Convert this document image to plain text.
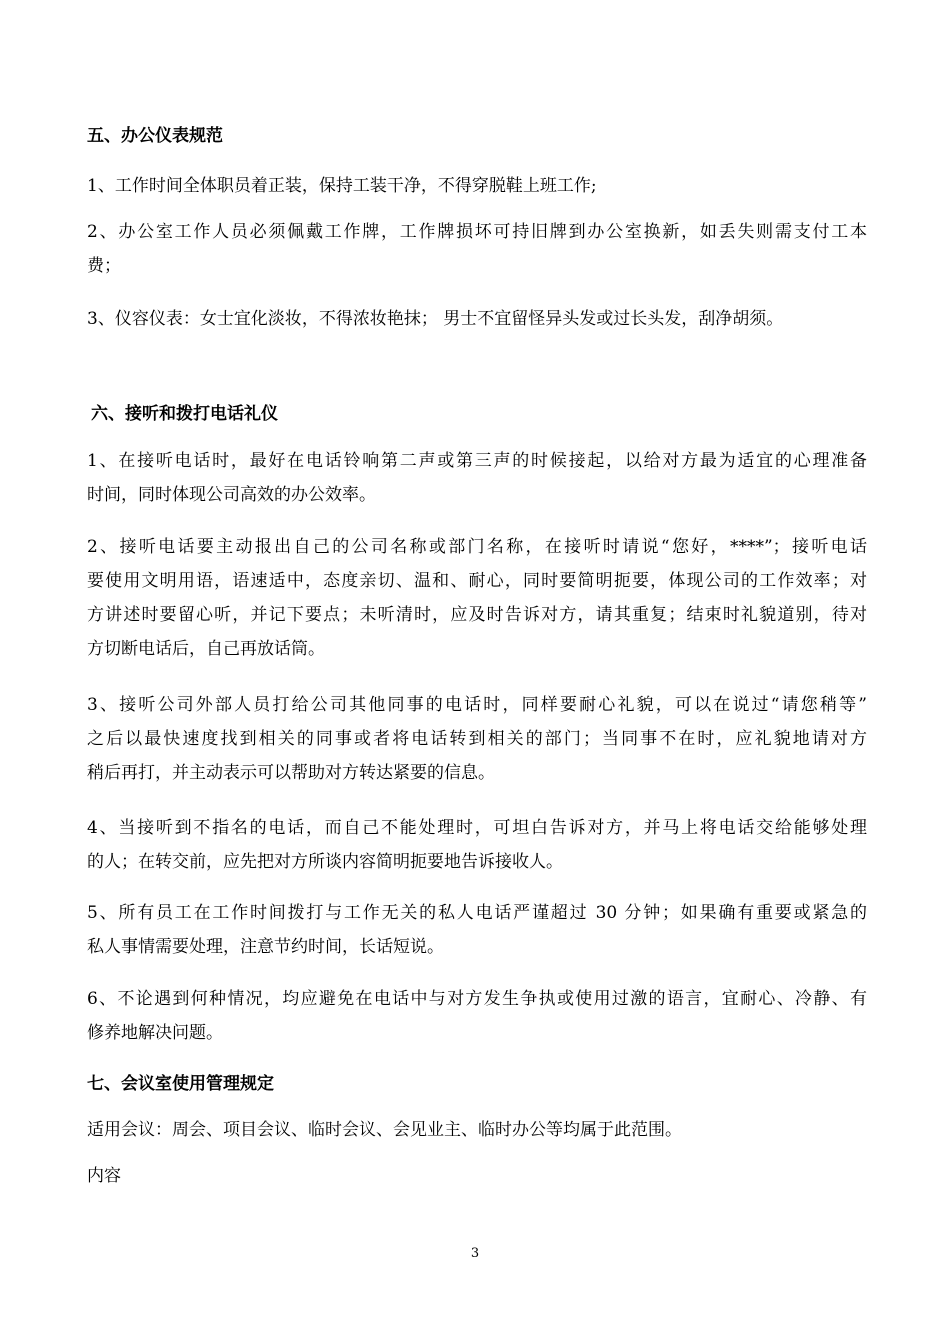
五、办公仪表规范
1、工作时间全体职员着正装，保持工装干净，不得穿脱鞋上班工作;
2、办公室工作人员必须佩戴工作牌，工作牌损坏可持旧牌到办公室换新，如丢失则需支付工本
费；
3、仪容仪表：女士宜化淡妆，不得浓妆艳抹； 男士不宜留怪异头发或过长头发，刮净胡须。
六、接听和拨打电话礼仪
1、在接听电话时，最好在电话铃响第二声或第三声的时候接起，以给对方最为适宜的心理准备
时间，同时体现公司高效的办公效率。
2、接听电话要主动报出自己的公司名称或部门名称，在接听时请说“您好，****”；接听电话
要使用文明用语，语速适中，态度亲切、温和、耐心，同时要简明扼要，体现公司的工作效率；对
方讲述时要留心听，并记下要点；未听清时，应及时告诉对方，请其重复；结束时礼貌道别，待对
方切断电话后，自己再放话筒。
3、接听公司外部人员打给公司其他同事的电话时，同样要耐心礼貌，可以在说过“请您稍等”
之后以最快速度找到相关的同事或者将电话转到相关的部门；当同事不在时，应礼貌地请对方
稍后再打，并主动表示可以帮助对方转达紧要的信息。
4、当接听到不指名的电话，而自己不能处理时，可坦白告诉对方，并马上将电话交给能够处理
的人；在转交前，应先把对方所谈内容简明扼要地告诉接收人。
5、所有员工在工作时间拨打与工作无关的私人电话严谨超过 30 分钟；如果确有重要或紧急的
私人事情需要处理，注意节约时间，长话短说。
6、不论遇到何种情况，均应避免在电话中与对方发生争执或使用过激的语言，宜耐心、冷静、有
修养地解决问题。
七、会议室使用管理规定
适用会议：周会、项目会议、临时会议、会见业主、临时办公等均属于此范围。
内容
3
